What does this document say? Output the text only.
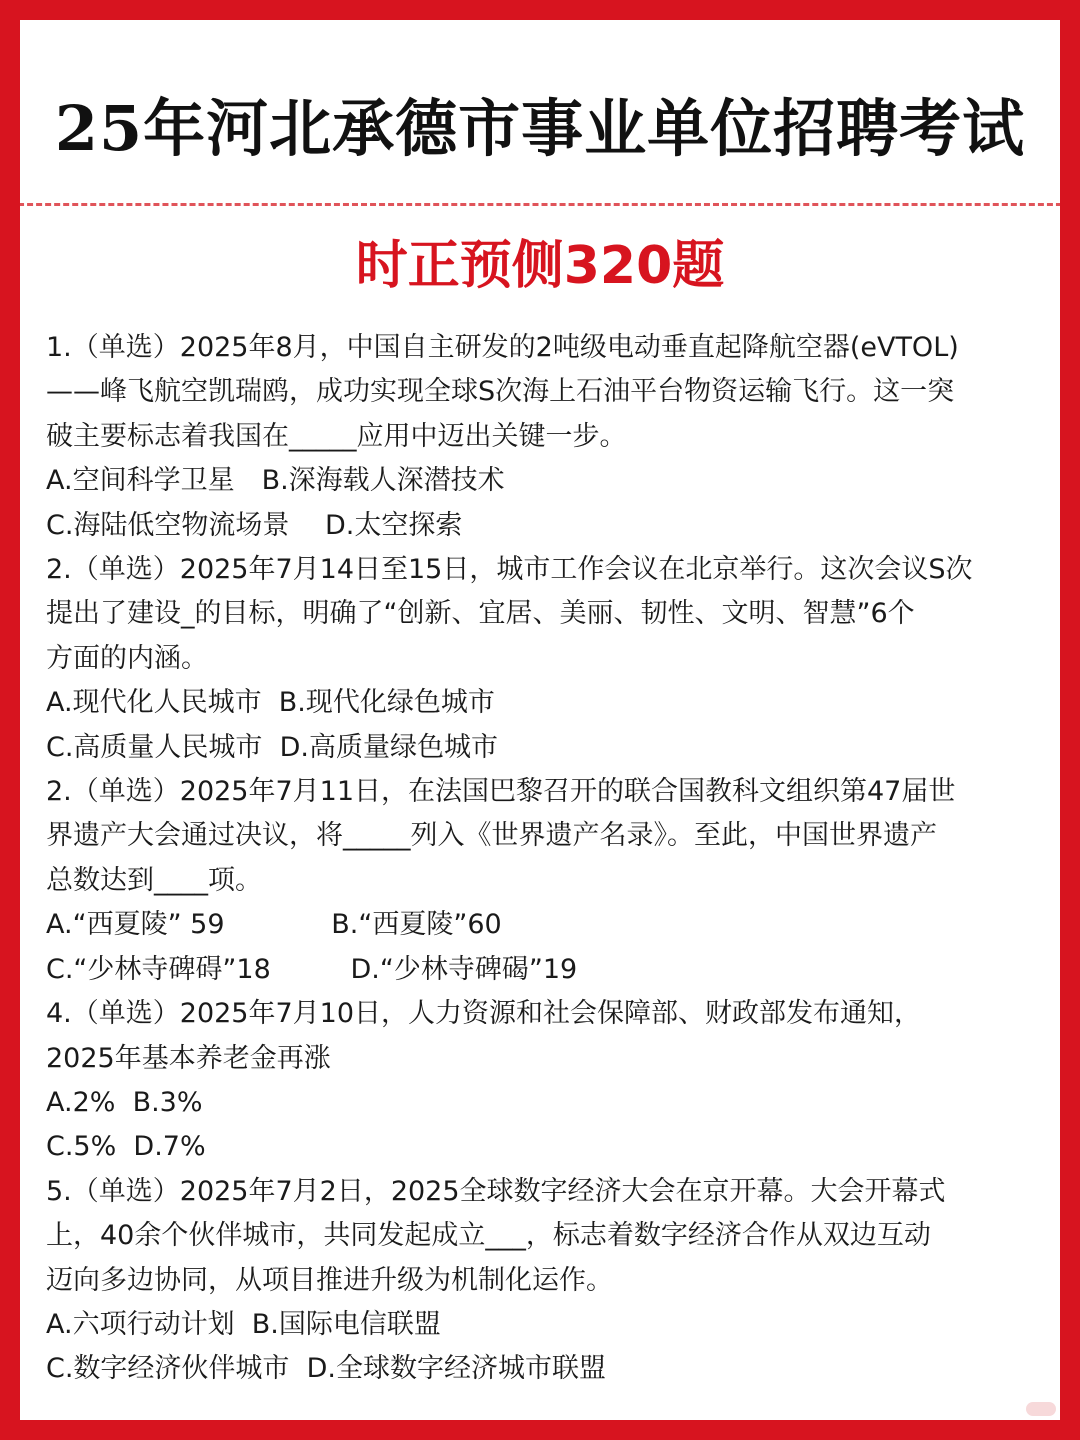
25年河北承德市事业单位招聘考试
时正预侧320题

1.（单选）2025年8月，中国自主研发的2吨级电动垂直起降航空器(eVTOL)

——峰飞航空凯瑞鸥，成功实现全球S次海上石油平台物资运输飞行。这一突

破主要标志着我国在_____应用中迈出关键一步。

A.空间科学卫星　B.深海载人深潜技术

C.海陆低空物流场景　 D.太空探索

2.（单选）2025年7月14日至15日，城市工作会议在北京举行。这次会议S次

提出了建设_的目标，明确了“创新、宜居、美丽、韧性、文明、智慧”6个

方面的内涵。

A.现代化人民城市  B.现代化绿色城市

C.高质量人民城市  D.高质量绿色城市

2.（单选）2025年7月11日，在法国巴黎召开的联合国教科文组织第47届世

界遗产大会通过决议，将_____列入《世界遗产名录》。至此，中国世界遗产

总数达到____项。

A.“西夏陵” 59　　　   B.“西夏陵”60

C.“少林寺碑碍”18　　   D.“少林寺碑碣”19

4.（单选）2025年7月10日，人力资源和社会保障部、财政部发布通知，

2025年基本养老金再涨

A.2%  B.3%

C.5%  D.7%

5.（单选）2025年7月2日，2025全球数字经济大会在京开幕。大会开幕式

上，40余个伙伴城市，共同发起成立___，标志着数字经济合作从双边互动

迈向多边协同，从项目推进升级为机制化运作。

A.六项行动计划  B.国际电信联盟

C.数字经济伙伴城市  D.全球数字经济城市联盟
